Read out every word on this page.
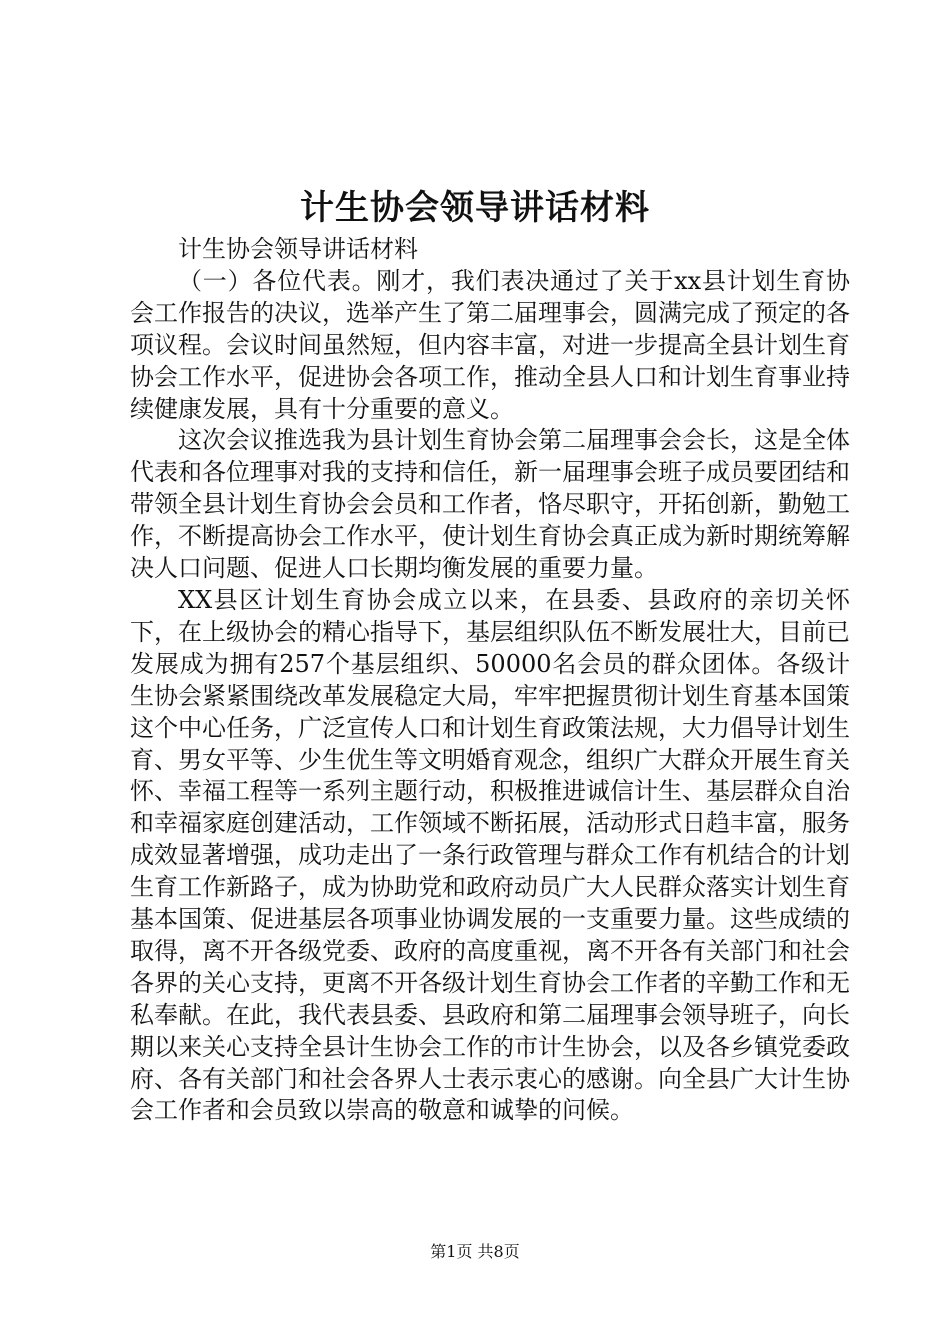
计生协会领导讲话材料

计生协会领导讲话材料

（一）各位代表。刚才，我们表决通过了关于xx县计划生育协会工作报告的决议，选举产生了第二届理事会，圆满完成了预定的各项议程。会议时间虽然短，但内容丰富，对进一步提高全县计划生育协会工作水平，促进协会各项工作，推动全县人口和计划生育事业持续健康发展，具有十分重要的意义。

这次会议推选我为县计划生育协会第二届理事会会长，这是全体代表和各位理事对我的支持和信任，新一届理事会班子成员要团结和带领全县计划生育协会会员和工作者，恪尽职守，开拓创新，勤勉工作，不断提高协会工作水平，使计划生育协会真正成为新时期统筹解决人口问题、促进人口长期均衡发展的重要力量。

XX县区计划生育协会成立以来，在县委、县政府的亲切关怀下，在上级协会的精心指导下，基层组织队伍不断发展壮大，目前已发展成为拥有257个基层组织、50000名会员的群众团体。各级计生协会紧紧围绕改革发展稳定大局，牢牢把握贯彻计划生育基本国策这个中心任务，广泛宣传人口和计划生育政策法规，大力倡导计划生育、男女平等、少生优生等文明婚育观念，组织广大群众开展生育关怀、幸福工程等一系列主题行动，积极推进诚信计生、基层群众自治和幸福家庭创建活动，工作领域不断拓展，活动形式日趋丰富，服务成效显著增强，成功走出了一条行政管理与群众工作有机结合的计划生育工作新路子，成为协助党和政府动员广大人民群众落实计划生育基本国策、促进基层各项事业协调发展的一支重要力量。这些成绩的取得，离不开各级党委、政府的高度重视，离不开各有关部门和社会各界的关心支持，更离不开各级计划生育协会工作者的辛勤工作和无私奉献。在此，我代表县委、县政府和第二届理事会领导班子，向长期以来关心支持全县计生协会工作的市计生协会，以及各乡镇党委政府、各有关部门和社会各界人士表示衷心的感谢。向全县广大计生协会工作者和会员致以崇高的敬意和诚挚的问候。

第1页 共8页
